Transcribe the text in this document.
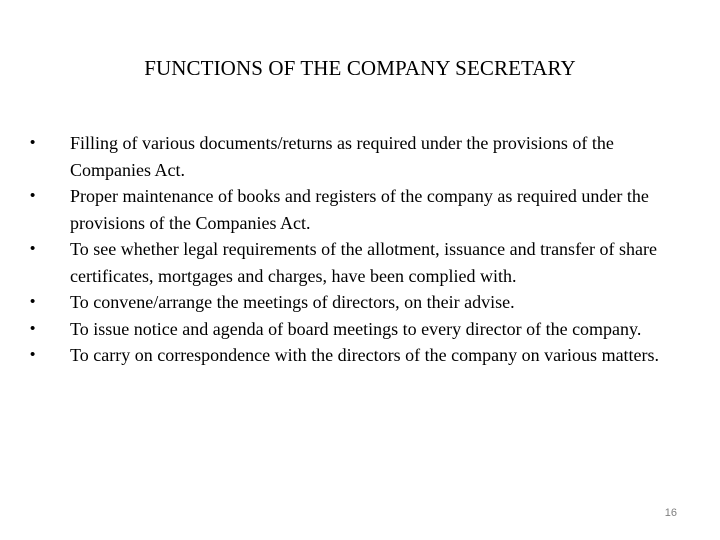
FUNCTIONS OF THE COMPANY SECRETARY
•	Filling of various documents/returns as required under the provisions of the Companies Act.
•	Proper maintenance of books and registers of the company as required under the provisions of the Companies Act.
•	To see whether legal requirements of the allotment, issuance and transfer of share certificates, mortgages and charges, have been complied with.
•	To convene/arrange the meetings of directors, on their advise.
•	To issue notice and agenda of board meetings to every director of the company.
•	To carry on correspondence with the directors of the company on various matters.
16
